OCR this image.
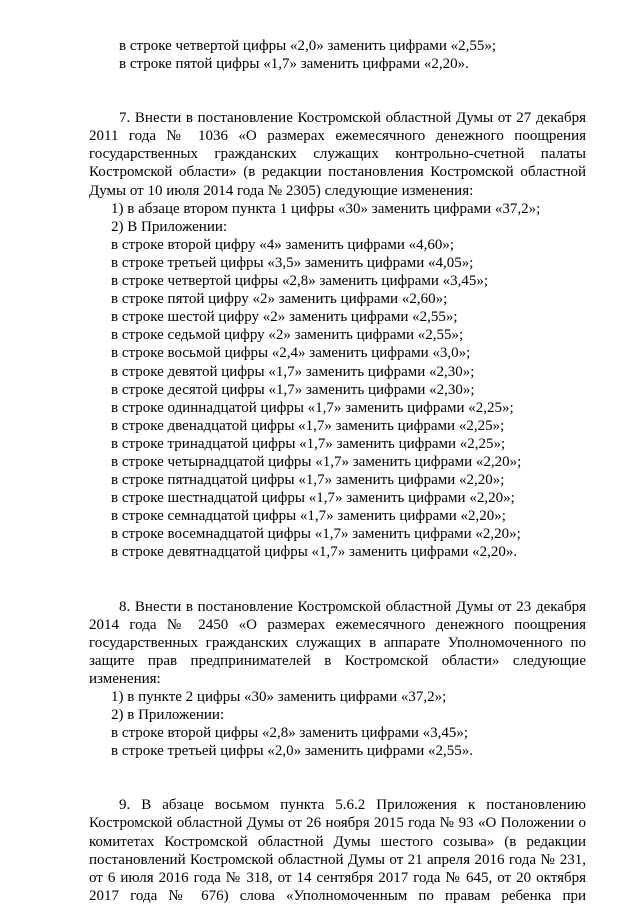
в строке четвертой цифры «2,0» заменить цифрами «2,55»;
в строке пятой цифры «1,7» заменить цифрами «2,20».
7. Внести в постановление Костромской областной Думы от 27 декабря
2011 года № 1036 «О размерах ежемесячного денежного поощрения
государственных гражданских служащих контрольно-счетной палаты
Костромской области» (в редакции постановления Костромской областной
Думы от 10 июля 2014 года № 2305) следующие изменения:
1) в абзаце втором пункта 1 цифры «30» заменить цифрами «37,2»;
2) В Приложении:
в строке второй цифру «4» заменить цифрами «4,60»;
в строке третьей цифры «3,5» заменить цифрами «4,05»;
в строке четвертой цифры «2,8» заменить цифрами «3,45»;
в строке пятой цифру «2» заменить цифрами «2,60»;
в строке шестой цифру «2» заменить цифрами «2,55»;
в строке седьмой цифру «2» заменить цифрами «2,55»;
в строке восьмой цифры «2,4» заменить цифрами «3,0»;
в строке девятой цифры «1,7» заменить цифрами «2,30»;
в строке десятой цифры «1,7» заменить цифрами «2,30»;
в строке одиннадцатой цифры «1,7» заменить цифрами «2,25»;
в строке двенадцатой цифры «1,7» заменить цифрами «2,25»;
в строке тринадцатой цифры «1,7» заменить цифрами «2,25»;
в строке четырнадцатой цифры «1,7» заменить цифрами «2,20»;
в строке пятнадцатой цифры «1,7» заменить цифрами «2,20»;
в строке шестнадцатой цифры «1,7» заменить цифрами «2,20»;
в строке семнадцатой цифры «1,7» заменить цифрами «2,20»;
в строке восемнадцатой цифры «1,7» заменить цифрами «2,20»;
в строке девятнадцатой цифры «1,7» заменить цифрами «2,20».
8. Внести в постановление Костромской областной Думы от 23 декабря
2014 года № 2450 «О размерах ежемесячного денежного поощрения
государственных гражданских служащих в аппарате Уполномоченного по
защите прав предпринимателей в Костромской области» следующие
изменения:
1) в пункте 2 цифры «30» заменить цифрами «37,2»;
2) в Приложении:
в строке второй цифры «2,8» заменить цифрами «3,45»;
в строке третьей цифры «2,0» заменить цифрами «2,55».
9. В абзаце восьмом пункта 5.6.2 Приложения к постановлению
Костромской областной Думы от 26 ноября 2015 года № 93 «О Положении о
комитетах Костромской областной Думы шестого созыва» (в редакции
постановлений Костромской областной Думы от 21 апреля 2016 года № 231,
от 6 июля 2016 года № 318, от 14 сентября 2017 года № 645, от 20 октября
2017 года № 676) слова «Уполномоченным по правам ребенка при
